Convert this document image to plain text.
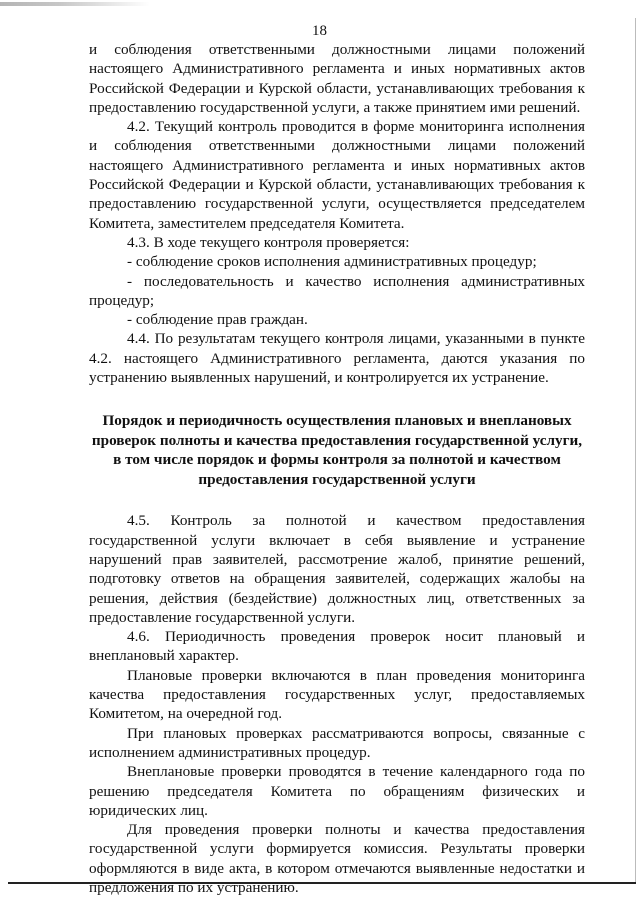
18

и соблюдения ответственными должностными лицами положений настоящего Административного регламента и иных нормативных актов Российской Федерации и Курской области, устанавливающих требования к предоставлению государственной услуги, а также принятием ими решений.

4.2. Текущий контроль проводится в форме мониторинга исполнения и соблюдения ответственными должностными лицами положений настоящего Административного регламента и иных нормативных актов Российской Федерации и Курской области, устанавливающих требования к предоставлению государственной услуги, осуществляется председателем Комитета, заместителем председателя Комитета.

4.3. В ходе текущего контроля проверяется:

- соблюдение сроков исполнения административных процедур;

- последовательность и качество исполнения административных процедур;

- соблюдение прав граждан.

4.4. По результатам текущего контроля лицами, указанными в пункте 4.2. настоящего Административного регламента, даются указания по устранению выявленных нарушений, и контролируется их устранение.

Порядок и периодичность осуществления плановых и внеплановых проверок полноты и качества предоставления государственной услуги, в том числе порядок и формы контроля за полнотой и качеством предоставления государственной услуги

4.5. Контроль за полнотой и качеством предоставления государственной услуги включает в себя выявление и устранение нарушений прав заявителей, рассмотрение жалоб, принятие решений, подготовку ответов на обращения заявителей, содержащих жалобы на решения, действия (бездействие) должностных лиц, ответственных за предоставление государственной услуги.

4.6. Периодичность проведения проверок носит плановый и внеплановый характер.

Плановые проверки включаются в план проведения мониторинга качества предоставления государственных услуг, предоставляемых Комитетом, на очередной год.

При плановых проверках рассматриваются вопросы, связанные с исполнением административных процедур.

Внеплановые проверки проводятся в течение календарного года по решению председателя Комитета по обращениям физических и юридических лиц.

Для проведения проверки полноты и качества предоставления государственной услуги формируется комиссия. Результаты проверки оформляются в виде акта, в котором отмечаются выявленные недостатки и предложения по их устранению.
